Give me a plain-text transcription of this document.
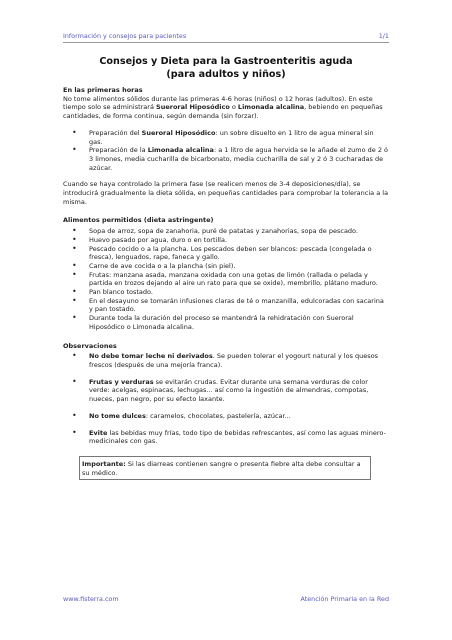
Información y consejos para pacientes	1/1
Consejos y Dieta para la Gastroenteritis aguda
(para adultos y niños)

En las primeras horas

No tome alimentos sólidos durante las primeras 4-6 horas (niños) o 12 horas (adultos). En este tiempo solo se administrará Sueroral Hiposódico o Limonada alcalina, bebiendo en pequeñas cantidades, de forma continua, según demanda (sin forzar).

• Preparación del Sueroral Hiposódico: un sobre disuelto en 1 litro de agua mineral sin gas.
• Preparación de la Limonada alcalina: a 1 litro de agua hervida se le añade el zumo de 2 ó 3 limones, media cucharilla de bicarbonato, media cucharilla de sal y 2 ó 3 cucharadas de azúcar.

Cuando se haya controlado la primera fase (se realicen menos de 3-4 deposiciones/día), se introducirá gradualmente la dieta sólida, en pequeñas cantidades para comprobar la tolerancia a la misma.

Alimentos permitidos (dieta astringente)

• Sopa de arroz, sopa de zanahoria, puré de patatas y zanahorias, sopa de pescado.
• Huevo pasado por agua, duro o en tortilla.
• Pescado cocido o a la plancha. Los pescados deben ser blancos: pescada (congelada o fresca), lenguados, rape, faneca y gallo.
• Carne de ave cocida o a la plancha (sin piel).
• Frutas: manzana asada, manzana oxidada con una gotas de limón (rallada o pelada y partida en trozos dejando al aire un rato para que se oxide), membrillo, plátano maduro.
• Pan blanco tostado.
• En el desayuno se tomarán infusiones claras de té o manzanilla, edulcoradas con sacarina y pan tostado.
• Durante toda la duración del proceso se mantendrá la rehidratación con Sueroral Hiposódico o Limonada alcalina.

Observaciones

• No debe tomar leche ni derivados. Se pueden tolerar el yogourt natural y los quesos frescos (después de una mejoría franca).
• Frutas y verduras se evitarán crudas. Evitar durante una semana verduras de color verde: acelgas, espinacas, lechugas... así como la ingestión de almendras, compotas, nueces, pan negro, por su efecto laxante.
• No tome dulces: caramelos, chocolates, pastelería, azúcar...
• Evite las bebidas muy frías, todo tipo de bebidas refrescantes, así como las aguas minero-medicinales con gas.
Importante: Si las diarreas contienen sangre o presenta fiebre alta debe consultar a su médico.
www.fisterra.com	Atención Primaria en la Red
